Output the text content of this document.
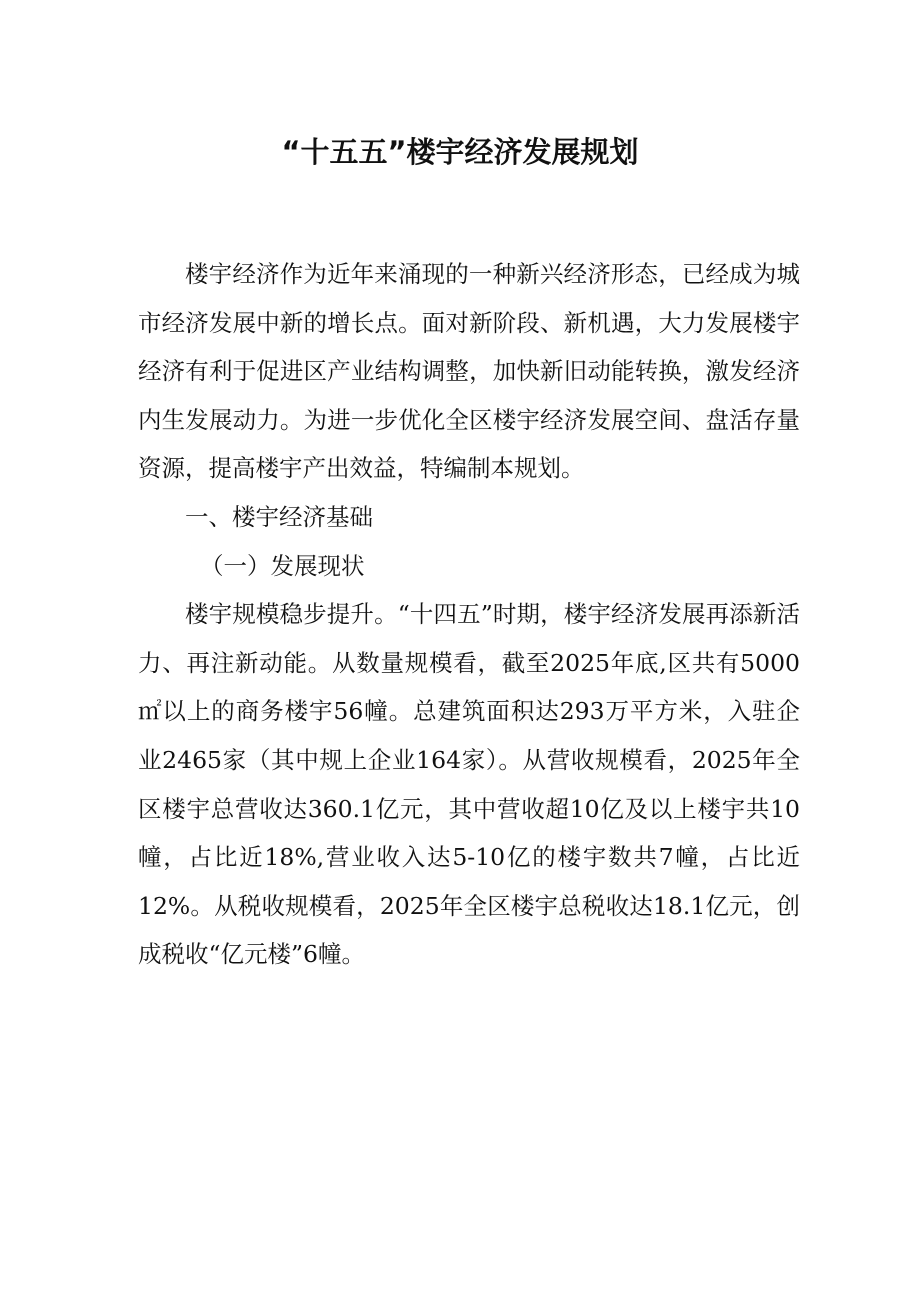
“十五五”楼宇经济发展规划

楼宇经济作为近年来涌现的一种新兴经济形态，已经成为城市经济发展中新的增长点。面对新阶段、新机遇，大力发展楼宇经济有利于促进区产业结构调整，加快新旧动能转换，激发经济内生发展动力。为进一步优化全区楼宇经济发展空间、盘活存量资源，提高楼宇产出效益，特编制本规划。

一、楼宇经济基础

（一）发展现状

楼宇规模稳步提升。“十四五”时期，楼宇经济发展再添新活力、再注新动能。从数量规模看，截至2025年底,区共有5000㎡以上的商务楼宇56幢。总建筑面积达293万平方米，入驻企业2465家（其中规上企业164家）。从营收规模看，2025年全区楼宇总营收达360.1亿元，其中营收超10亿及以上楼宇共10幢，占比近18%,营业收入达5-10亿的楼宇数共7幢，占比近12%。从税收规模看，2025年全区楼宇总税收达18.1亿元，创成税收“亿元楼”6幢。
